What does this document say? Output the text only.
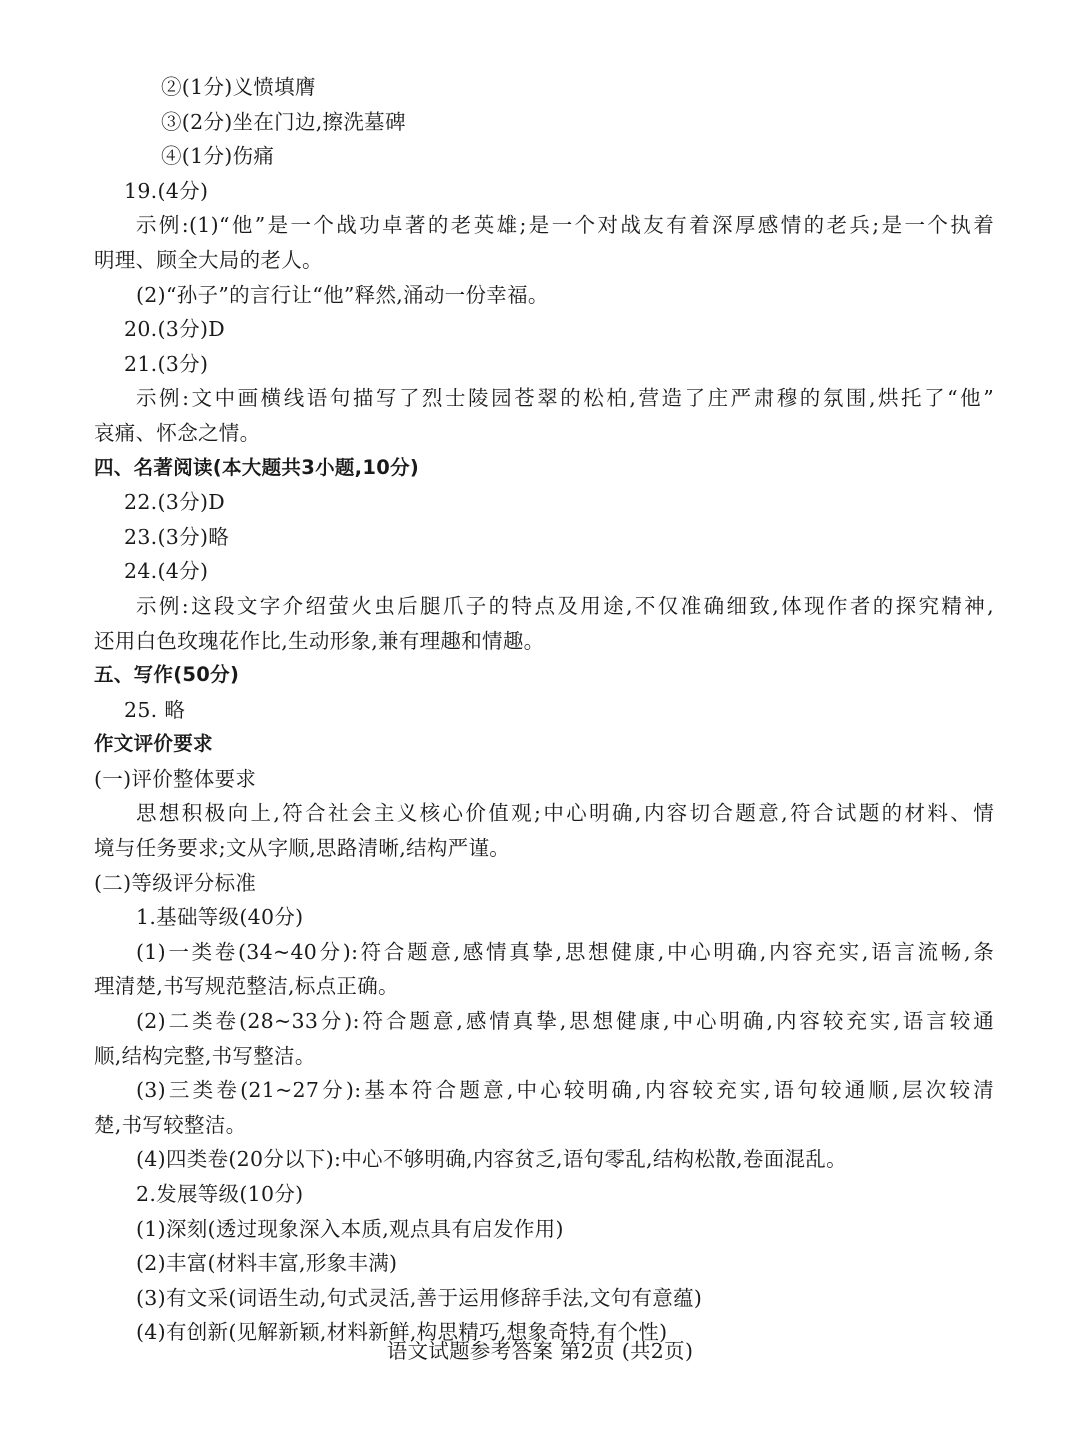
②(1分)义愤填膺
③(2分)坐在门边,擦洗墓碑
④(1分)伤痛
19.(4分)
示例:(1)“他”是一个战功卓著的老英雄;是一个对战友有着深厚感情的老兵;是一个执着
明理、顾全大局的老人。
(2)“孙子”的言行让“他”释然,涌动一份幸福。
20.(3分)D
21.(3分)
示例:文中画横线语句描写了烈士陵园苍翠的松柏,营造了庄严肃穆的氛围,烘托了“他”
哀痛、怀念之情。
四、名著阅读(本大题共3小题,10分)
22.(3分)D
23.(3分)略
24.(4分)
示例:这段文字介绍萤火虫后腿爪子的特点及用途,不仅准确细致,体现作者的探究精神,
还用白色玫瑰花作比,生动形象,兼有理趣和情趣。
五、写作(50分)
25. 略
作文评价要求
(一)评价整体要求
思想积极向上,符合社会主义核心价值观;中心明确,内容切合题意,符合试题的材料、情
境与任务要求;文从字顺,思路清晰,结构严谨。
(二)等级评分标准
1.基础等级(40分)
(1)一类卷(34~40分):符合题意,感情真挚,思想健康,中心明确,内容充实,语言流畅,条
理清楚,书写规范整洁,标点正确。
(2)二类卷(28~33分):符合题意,感情真挚,思想健康,中心明确,内容较充实,语言较通
顺,结构完整,书写整洁。
(3)三类卷(21~27分):基本符合题意,中心较明确,内容较充实,语句较通顺,层次较清
楚,书写较整洁。
(4)四类卷(20分以下):中心不够明确,内容贫乏,语句零乱,结构松散,卷面混乱。
2.发展等级(10分)
(1)深刻(透过现象深入本质,观点具有启发作用)
(2)丰富(材料丰富,形象丰满)
(3)有文采(词语生动,句式灵活,善于运用修辞手法,文句有意蕴)
(4)有创新(见解新颖,材料新鲜,构思精巧,想象奇特,有个性)
语文试题参考答案 第2页 (共2页)
